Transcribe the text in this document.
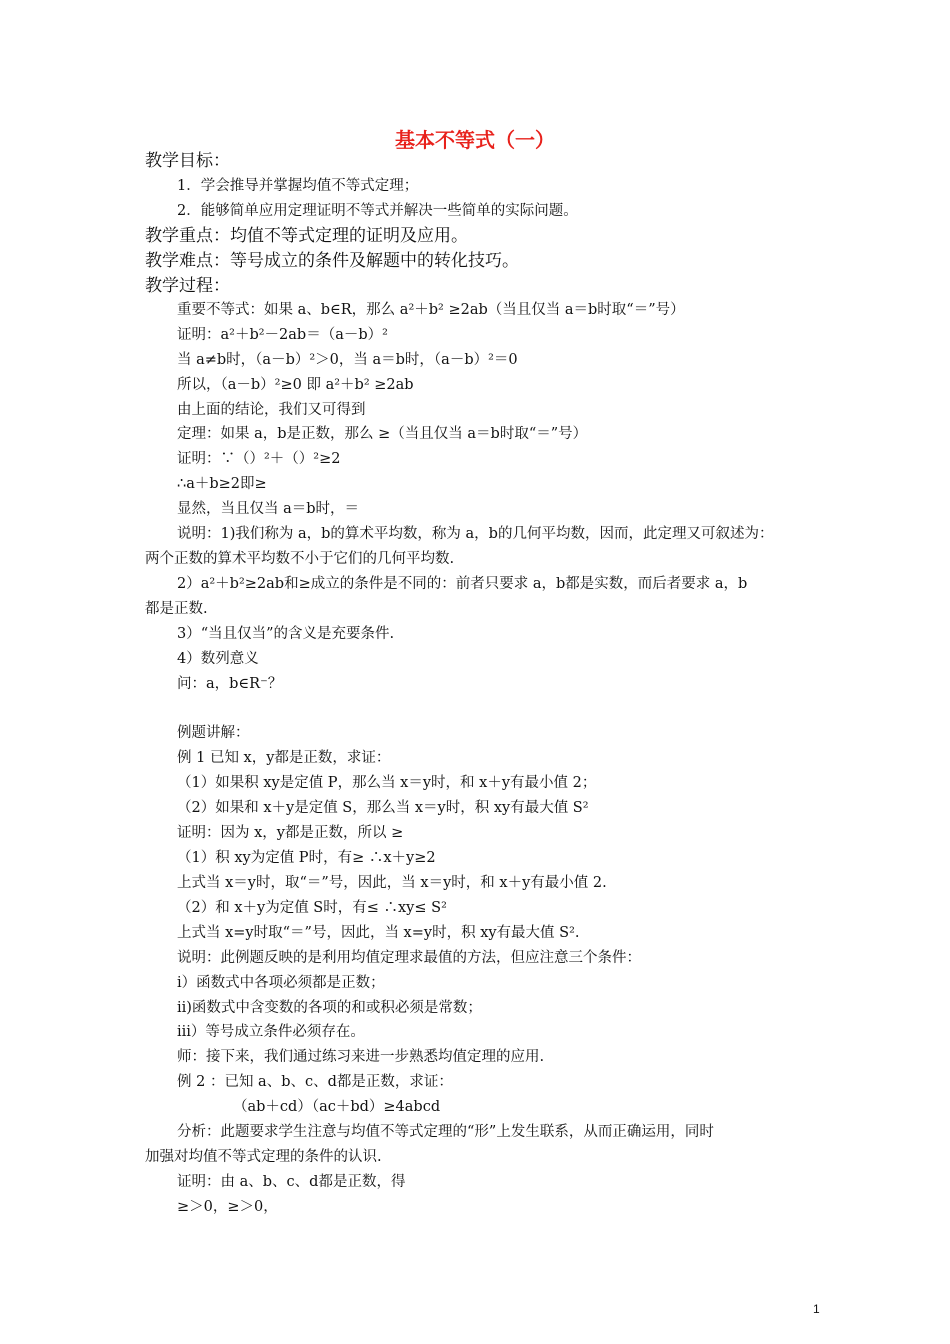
基本不等式（一）
教学目标：
1．学会推导并掌握均值不等式定理；
2．能够简单应用定理证明不等式并解决一些简单的实际问题。
教学重点：均值不等式定理的证明及应用。
教学难点：等号成立的条件及解题中的转化技巧。
教学过程：
重要不等式：如果 a、b∈R，那么 a²＋b² ≥2ab（当且仅当 a＝b时取“＝”号）
证明：a²＋b²－2ab＝（a－b）²
当 a≠b时，（a－b）²＞0，当 a＝b时，（a－b）²＝0
所以，（a－b）²≥0 即 a²＋b² ≥2ab
由上面的结论，我们又可得到
定理：如果 a，b是正数，那么 ≥（当且仅当 a＝b时取“＝”号）
证明：∵（）²＋（）²≥2
∴a＋b≥2即≥
显然，当且仅当 a＝b时，＝
说明：1)我们称为 a，b的算术平均数，称为 a，b的几何平均数，因而，此定理又可叙述为：
两个正数的算术平均数不小于它们的几何平均数.
2）a²＋b²≥2ab和≥成立的条件是不同的：前者只要求 a，b都是实数，而后者要求 a，b
都是正数.
3）“当且仅当”的含义是充要条件.
4）数列意义
问：a，b∈R⁻？
例题讲解：
例 1 已知 x，y都是正数，求证：
（1）如果积 xy是定值 P，那么当 x＝y时，和 x＋y有最小值 2；
（2）如果和 x＋y是定值 S，那么当 x＝y时，积 xy有最大值 S²
证明：因为 x，y都是正数，所以 ≥
（1）积 xy为定值 P时，有≥ ∴x＋y≥2
上式当 x＝y时，取“＝”号，因此，当 x＝y时，和 x＋y有最小值 2.
（2）和 x＋y为定值 S时，有≤ ∴xy≤ S²
上式当 x=y时取“＝”号，因此，当 x=y时，积 xy有最大值 S².
说明：此例题反映的是利用均值定理求最值的方法，但应注意三个条件：
ⅰ）函数式中各项必须都是正数；
ⅱ)函数式中含变数的各项的和或积必须是常数；
ⅲ）等号成立条件必须存在。
师：接下来，我们通过练习来进一步熟悉均值定理的应用.
例 2 ：已知 a、b、c、d都是正数，求证：
（ab＋cd）（ac＋bd）≥4abcd
分析：此题要求学生注意与均值不等式定理的“形”上发生联系，从而正确运用，同时
加强对均值不等式定理的条件的认识.
证明：由 a、b、c、d都是正数，得
≥＞0，≥＞0，
1
